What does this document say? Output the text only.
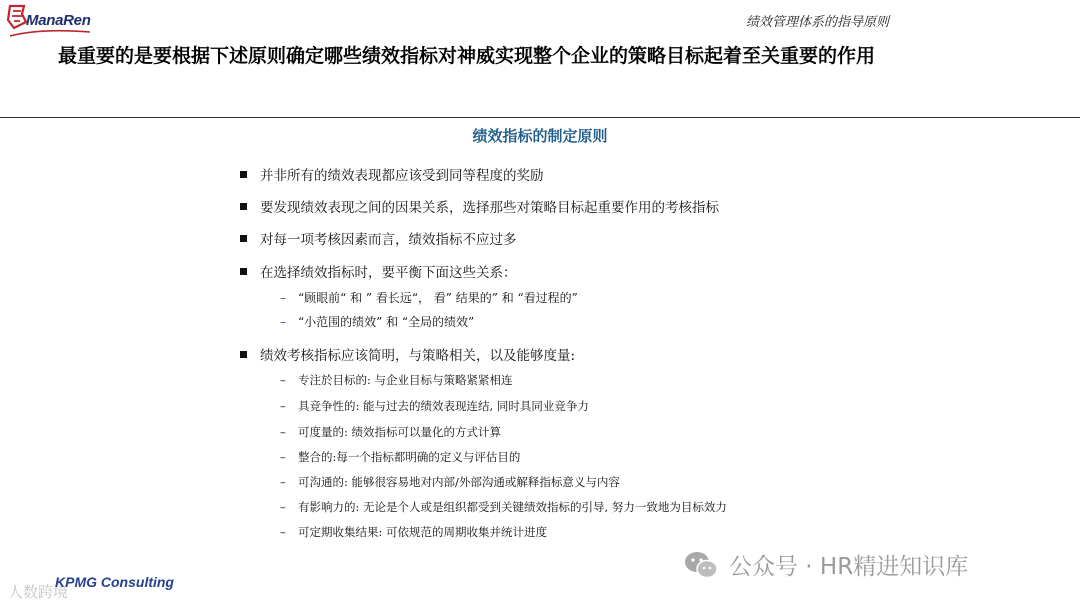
ManaRen	绩效管理体系的指导原则
最重要的是要根据下述原则确定哪些绩效指标对神威实现整个企业的策略目标起着至关重要的作用
绩效指标的制定原则
并非所有的绩效表现都应该受到同等程度的奖励
要发现绩效表现之间的因果关系，选择那些对策略目标起重要作用的考核指标
对每一项考核因素而言，绩效指标不应过多
在选择绩效指标时，要平衡下面这些关系：
– “顾眼前“ 和 ” 看长远“， 看” 结果的” 和 “看过程的”
– “小范围的绩效” 和 “全局的绩效”
绩效考核指标应该简明，与策略相关，以及能够度量:
– 专注於目标的: 与企业目标与策略紧紧相连
– 具竞争性的: 能与过去的绩效表现连结, 同时具同业竞争力
– 可度量的: 绩效指标可以量化的方式计算
– 整合的:每一个指标都明确的定义与评估目的
– 可沟通的: 能够很容易地对内部/外部沟通或解释指标意义与内容
– 有影响力的: 无论是个人或是组织都受到关键绩效指标的引导, 努力一致地为目标效力
– 可定期收集结果: 可依规范的周期收集并统计进度
人数跨境
KPMG Consulting
公众号 · HR精进知识库
